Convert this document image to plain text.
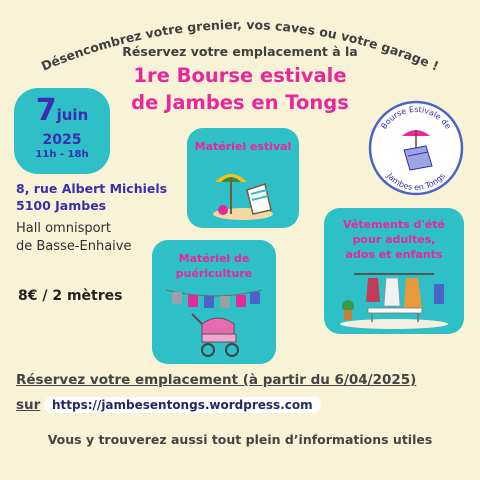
Désencombrez votre grenier, vos caves ou votre garage !
Réservez votre emplacement à la
1re Bourse estivale
de Jambes en Tongs
7juin
2025
11h - 18h
8, rue Albert Michiels
5100 Jambes
Hall omnisport
de Basse-Enhaive
8€ / 2 mètres
Matériel estival
Matériel de
puériculture
Vêtements d'été
pour adultes,
ados et enfants
Bourse Estivale de
Jambes en Tongs
Réservez votre emplacement (à partir du 6/04/2025)
sur https://jambesentongs.wordpress.com
Vous y trouverez aussi tout plein d’informations utiles
